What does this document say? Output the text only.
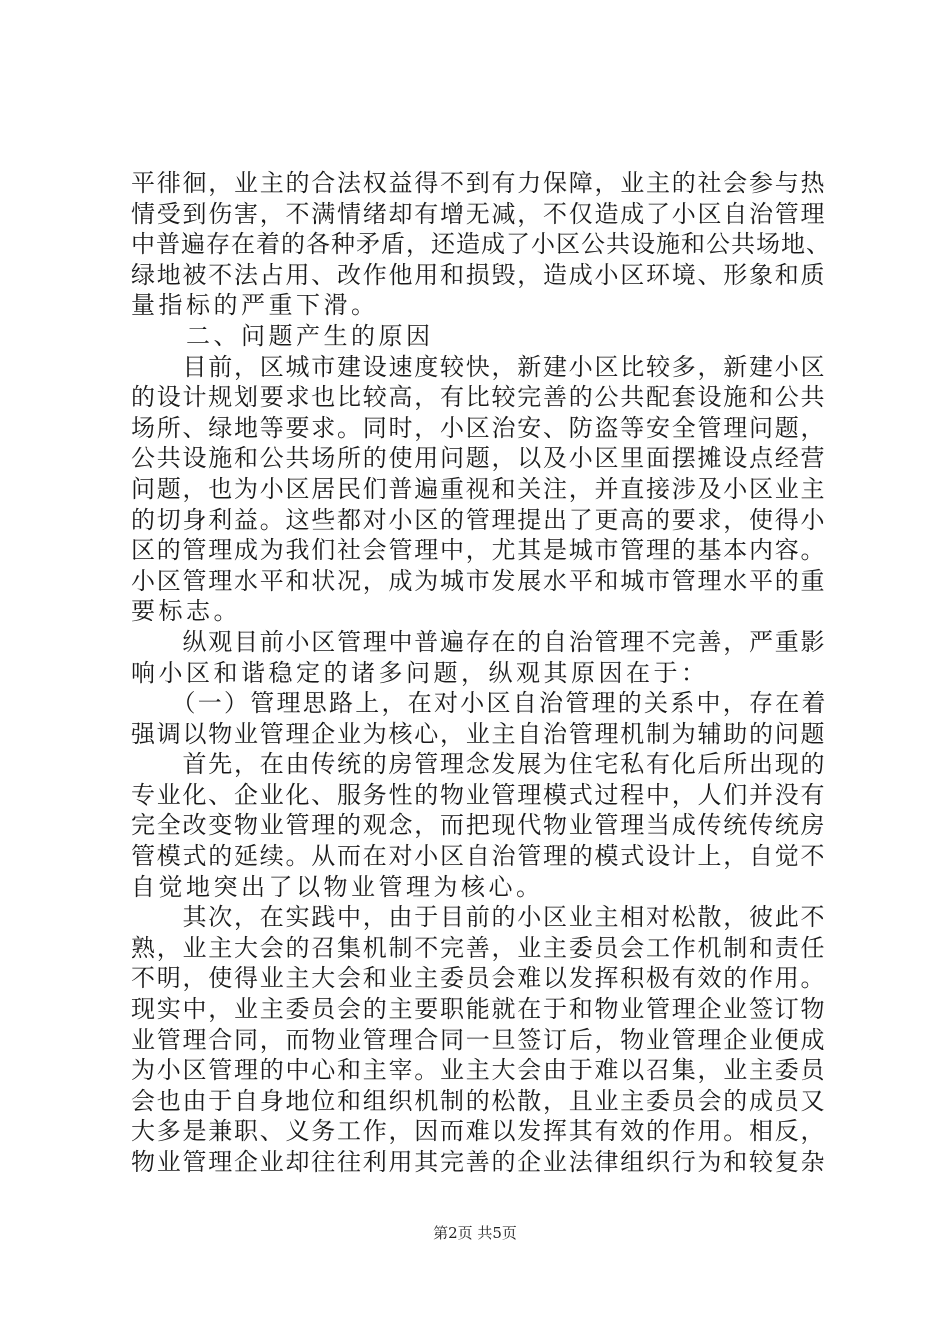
平徘徊，业主的合法权益得不到有力保障，业主的社会参与热
情受到伤害，不满情绪却有增无减，不仅造成了小区自治管理
中普遍存在着的各种矛盾，还造成了小区公共设施和公共场地、
绿地被不法占用、改作他用和损毁，造成小区环境、形象和质
量指标的严重下滑。
　　二、问题产生的原因
　　目前，区城市建设速度较快，新建小区比较多，新建小区
的设计规划要求也比较高，有比较完善的公共配套设施和公共
场所、绿地等要求。同时，小区治安、防盗等安全管理问题，
公共设施和公共场所的使用问题，以及小区里面摆摊设点经营
问题，也为小区居民们普遍重视和关注，并直接涉及小区业主
的切身利益。这些都对小区的管理提出了更高的要求，使得小
区的管理成为我们社会管理中，尤其是城市管理的基本内容。
小区管理水平和状况，成为城市发展水平和城市管理水平的重
要标志。
　　纵观目前小区管理中普遍存在的自治管理不完善，严重影
响小区和谐稳定的诸多问题，纵观其原因在于：
　　（一）管理思路上，在对小区自治管理的关系中，存在着
强调以物业管理企业为核心，业主自治管理机制为辅助的问题
　　首先，在由传统的房管理念发展为住宅私有化后所出现的
专业化、企业化、服务性的物业管理模式过程中，人们并没有
完全改变物业管理的观念，而把现代物业管理当成传统传统房
管模式的延续。从而在对小区自治管理的模式设计上，自觉不
自觉地突出了以物业管理为核心。
　　其次，在实践中，由于目前的小区业主相对松散，彼此不
熟，业主大会的召集机制不完善，业主委员会工作机制和责任
不明，使得业主大会和业主委员会难以发挥积极有效的作用。
现实中，业主委员会的主要职能就在于和物业管理企业签订物
业管理合同，而物业管理合同一旦签订后，物业管理企业便成
为小区管理的中心和主宰。业主大会由于难以召集，业主委员
会也由于自身地位和组织机制的松散，且业主委员会的成员又
大多是兼职、义务工作，因而难以发挥其有效的作用。相反，
物业管理企业却往往利用其完善的企业法律组织行为和较复杂
第2页 共5页
